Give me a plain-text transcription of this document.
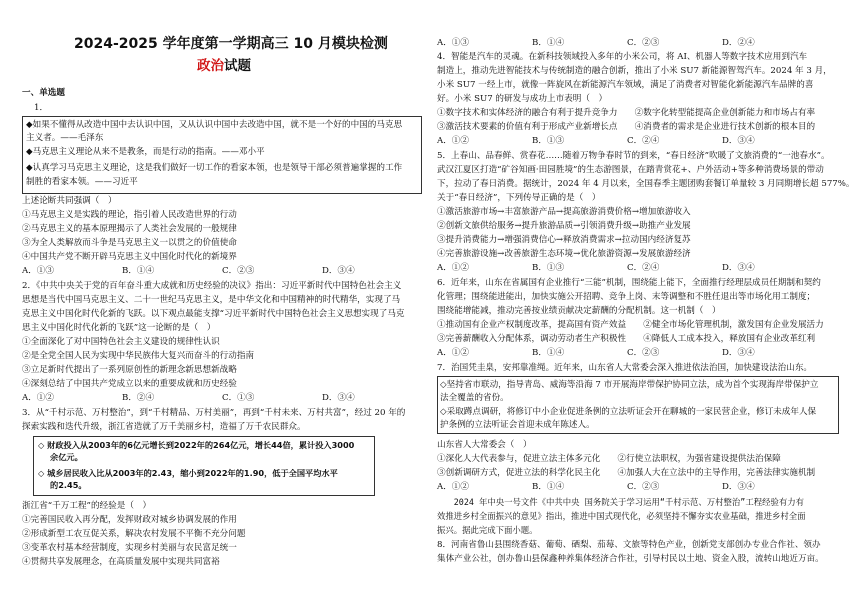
2024-2025 学年度第一学期高三 10 月模块检测
政治试题
一、单选题
1．
◆如果不懂得从改造中国中去认识中国，又从认识中国中去改造中国，就不是一个好的中国的马克思
主义者。——毛泽东
◆马克思主义理论从来不是教条，而是行动的指南。——邓小平
◆认真学习马克思主义理论，这是我们做好一切工作的看家本领，也是领导干部必须普遍掌握的工作
制胜的看家本领。——习近平
上述论断共同强调（　）
①马克思主义是实践的理论，指引着人民改造世界的行动
②马克思主义的基本原理揭示了人类社会发展的一般规律
③为全人类解放而斗争是马克思主义一以贯之的价值使命
④中国共产党不断开辟马克思主义中国化时代化的新境界
A．①③	B．①④	C．②③	D．③④
2．《中共中央关于党的百年奋斗重大成就和历史经验的决议》指出：习近平新时代中国特色社会主义
思想是当代中国马克思主义、二十一世纪马克思主义，是中华文化和中国精神的时代精华，实现了马
克思主义中国化时代化新的飞跃。以下观点最能支撑“习近平新时代中国特色社会主义思想实现了马克
思主义中国化时代化新的飞跃”这一论断的是（　）
①全面深化了对中国特色社会主义建设的规律性认识
②是全党全国人民为实现中华民族伟大复兴而奋斗的行动指南
③立足新时代提出了一系列原创性的新理念新思想新战略
④深刻总结了中国共产党成立以来的重要成就和历史经验
A．①②	B．②④	C．①③	D．③④
3．从“千村示范、万村整治”，到“千村精品、万村美丽”，再到“千村未来、万村共富”，经过 20 年的
探索实践和迭代升级，浙江省造就了万千美丽乡村，造福了万千农民群众。
◇ 财政投入从2003年的6亿元增长到2022年的264亿元，增长44倍，累计投入3000
余亿元。
◇ 城乡居民收入比从2003年的2.43，缩小到2022年的1.90，低于全国平均水平
的2.45。
浙江省“千万工程”的经验是（　）
①完善国民收入再分配，发挥财政对城乡协调发展的作用
②形成新型工农互促关系，解决农村发展不平衡不充分问题
③变革农村基本经营制度，实现乡村美丽与农民富足统一
④贯彻共享发展理念，在高质量发展中实现共同富裕
A．①③	B．①④	C．②③	D．②④
4．智能是汽车的灵魂。在新科技领域投入多年的小米公司，将 AI、机器人等数字技术应用到汽车
制造上，推动先进智能技术与传统制造的融合创新，推出了小米 SU7 新能源智驾汽车。2024 年 3 月，
小米 SU7 一经上市，就像一阵旋风在新能源汽车领域，满足了消费者对智能化新能源汽车品牌的喜
好。小米 SU7 的研发与成功上市表明（　）
①数字技术和实体经济的融合有利于提升竞争力　　②数字化转型能提高企业创新能力和市场占有率
③激活技术要素的价值有利于形成产业新增长点　　④消费者的需求是企业进行技术创新的根本目的
A．①②	B．①③	C．②④	D．③④
5．上春山、品春鲜、赏春花……随着万物争春时节的到来，“春日经济”吹暖了文旅消费的“一池春水”。
武汉江夏区打造“矿谷知画·田园胜境”的生态游图景，在踏青赏花+、户外活动+等多种消费场景的带动
下，拉动了春日消费。据统计，2024 年 4 月以来，全国春季主题团购套餐订单量较 3 月同期增长超 577%。
关于“春日经济”，下列传导正确的是（　）
①激活旅游市场→丰富旅游产品→提高旅游消费价格→增加旅游收入
②创新文旅供给服务→提升旅游品质→引领消费升级→助推产业发展
③提升消费能力→增强消费信心→释放消费需求→拉动国内经济复苏
④完善旅游设施→改善旅游生态环境→优化旅游资源→发展旅游经济
A．①②	B．①③	C．②④	D．③④
6．近年来，山东在省属国有企业推行“三能”机制，围绕能上能下，全面推行经理层成员任期制和契约
化管理；围绕能进能出，加快实施公开招聘、竞争上岗、末等调整和不胜任退出等市场化用工制度；
围绕能增能减，推动完善按业绩贡献决定薪酬的分配机制。这一机制（　）
①推动国有企业产权制度改革，提高国有资产效益　　②健全市场化管理机制，激发国有企业发展活力
③完善薪酬收入分配体系，调动劳动者生产积极性　　④降低人工成本投入，释放国有企业改革红利
A．①②	B．①④	C．②③	D．③④
7．治国凭圭臬，安邦靠准绳。近年来，山东省人大常委会深入推进依法治国，加快建设法治山东。
◇坚持省市联动，指导青岛、威海等沿海 7 市开展海岸带保护协同立法，成为首个实现海岸带保护立
法全覆盖的省份。
◇采取蹲点调研，将修订中小企业促进条例的立法听证会开在聊城的一家民营企业，修订未成年人保
护条例的立法听证会首迎未成年陈述人。
山东省人大常委会（　）
①深化人大代表参与，促进立法主体多元化　　②行使立法职权，为强省建设提供法治保障
③创新调研方式，促进立法的科学化民主化　　④加强人大在立法中的主导作用，完善法律实施机制
A．①②	B．①④	C．②③	D．③④
　　2024 年中央一号文件《中共中央 国务院关于学习运用“千村示范、万村整治”工程经验有力有
效推进乡村全面振兴的意见》指出，推进中国式现代化，必须坚持不懈夯实农业基础，推进乡村全面
振兴。据此完成下面小题。
8．河南省鲁山县围绕香菇、葡萄、硒梨、茄莓、文旅等特色产业，创新党支部创办专业合作社、领办
集体产业公社，创办鲁山县保鑫种养集体经济合作社，引导村民以土地、资金入股，流转山地近万亩。
